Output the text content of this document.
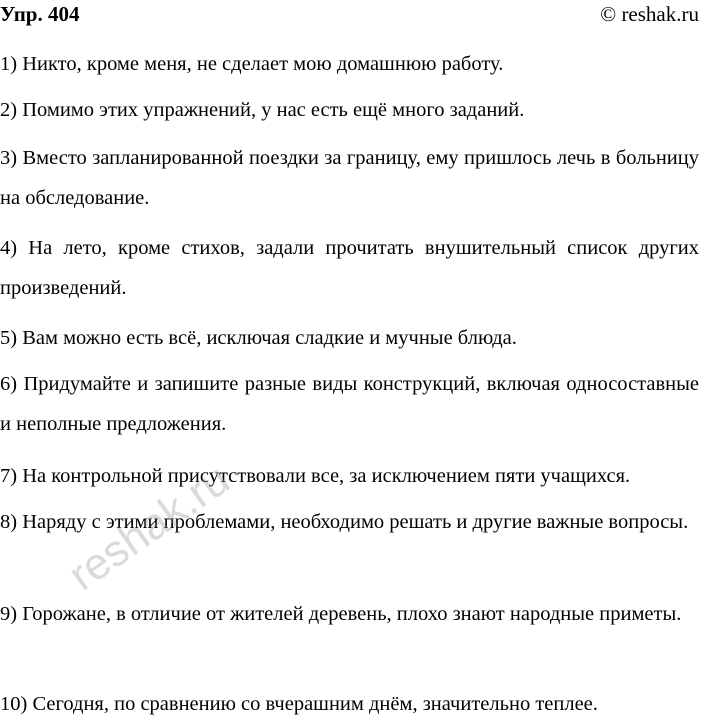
Упр. 404	© reshak.ru
1) Никто, кроме меня, не сделает мою домашнюю работу.
2) Помимо этих упражнений, у нас есть ещё много заданий.
3) Вместо запланированной поездки за границу, ему пришлось лечь в больницу на обследование.
4) На лето, кроме стихов, задали прочитать внушительный список других произведений.
5) Вам можно есть всё, исключая сладкие и мучные блюда.
6) Придумайте и запишите разные виды конструкций, включая односоставные и неполные предложения.
7) На контрольной присутствовали все, за исключением пяти учащихся.
8) Наряду с этими проблемами, необходимо решать и другие важные вопросы.
9) Горожане, в отличие от жителей деревень, плохо знают народные приметы.
10) Сегодня, по сравнению со вчерашним днём, значительно теплее.
reshak.ru
